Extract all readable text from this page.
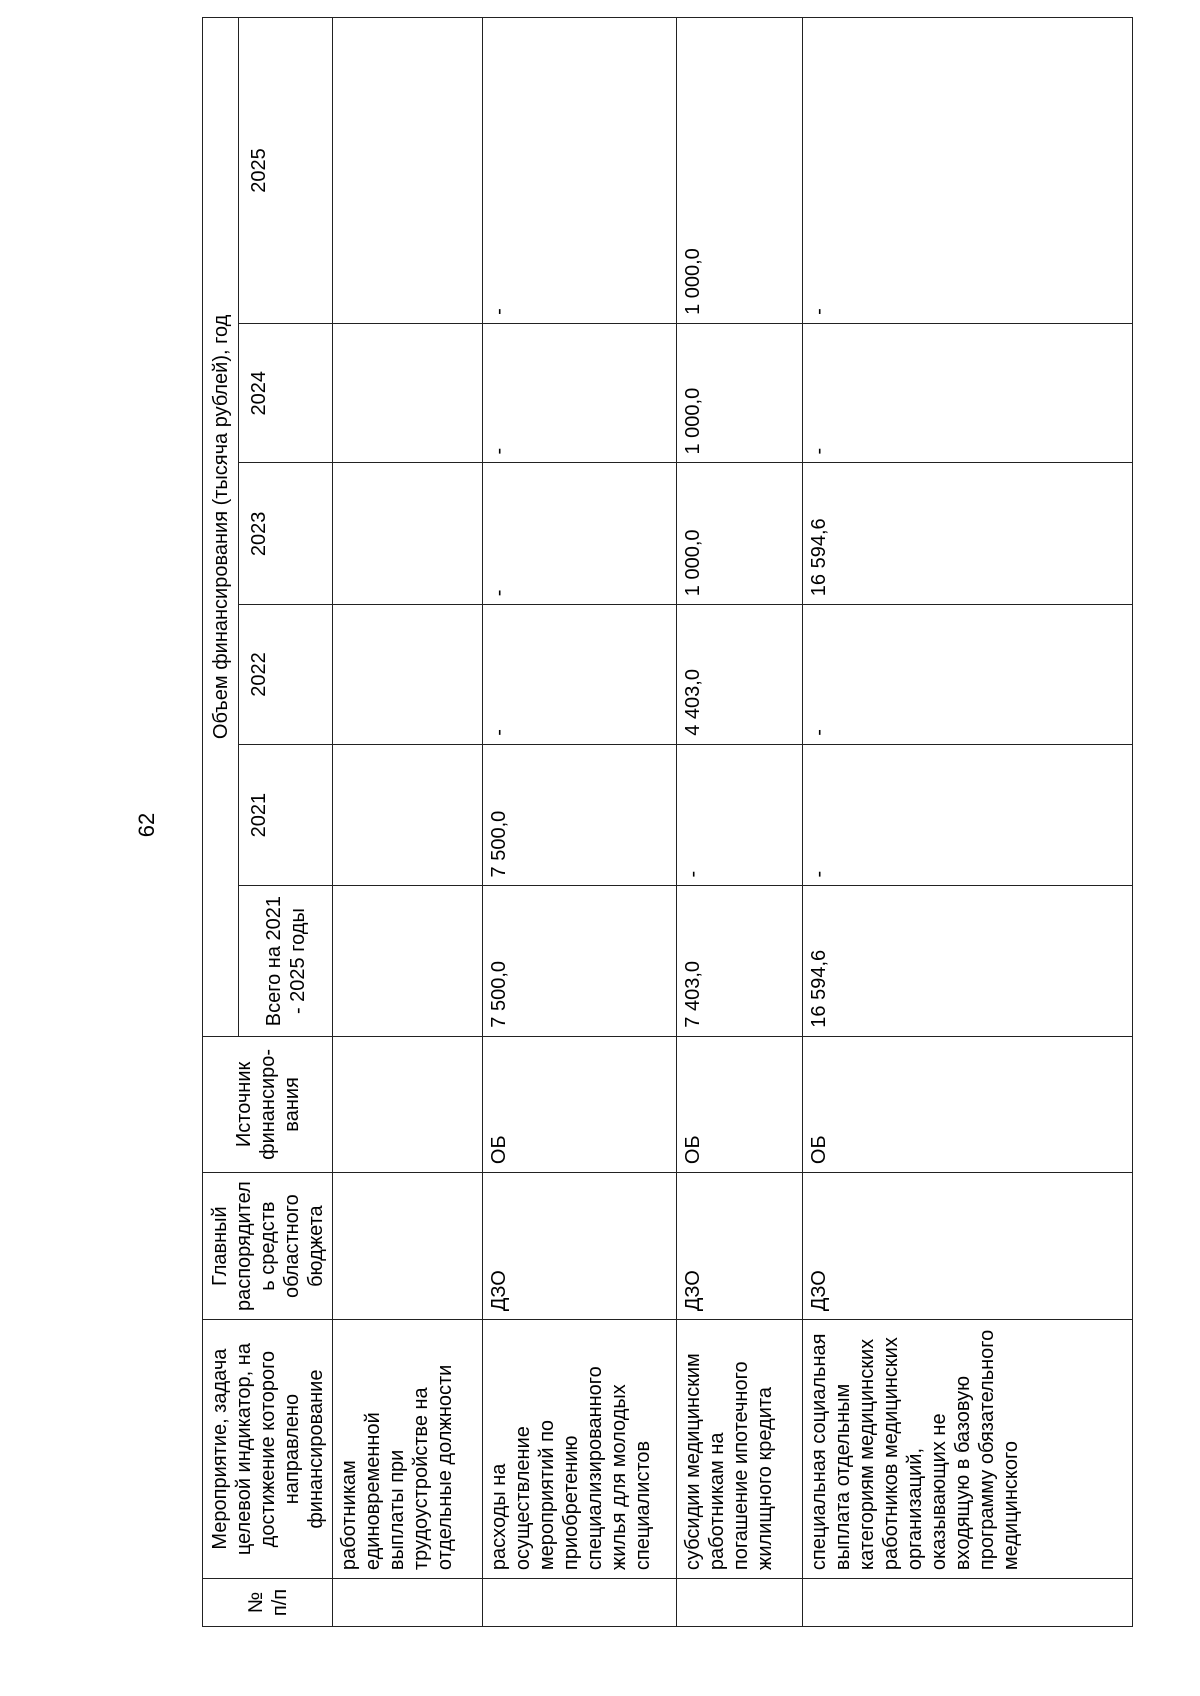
62
№ п/п	Мероприятие, задача целевой индикатор, на достижение которого направлено финансирование	Главный распорядитель средств областного бюджета	Источник финансиро-вания	Объем финансирования (тысяча рублей), год					
				Всего на 2021 - 2025 годы	2021	2022	2023	2024	2025
	работникам единовременной выплаты при трудоустройстве на отдельные должности								
	расходы на осуществление мероприятий по приобретению специализированного жилья для молодых специалистов	ДЗО	ОБ	7 500,0	7 500,0	-	-	-	-
	субсидии медицинским работникам на погашение ипотечного жилищного кредита	ДЗО	ОБ	7 403,0	-	4 403,0	1 000,0	1 000,0	1 000,0
	специальная социальная выплата отдельным категориям медицинских работников медицинских организаций, оказывающих не входящую в базовую программу обязательного медицинского	ДЗО	ОБ	16 594,6	-	-	16 594,6	-	-
